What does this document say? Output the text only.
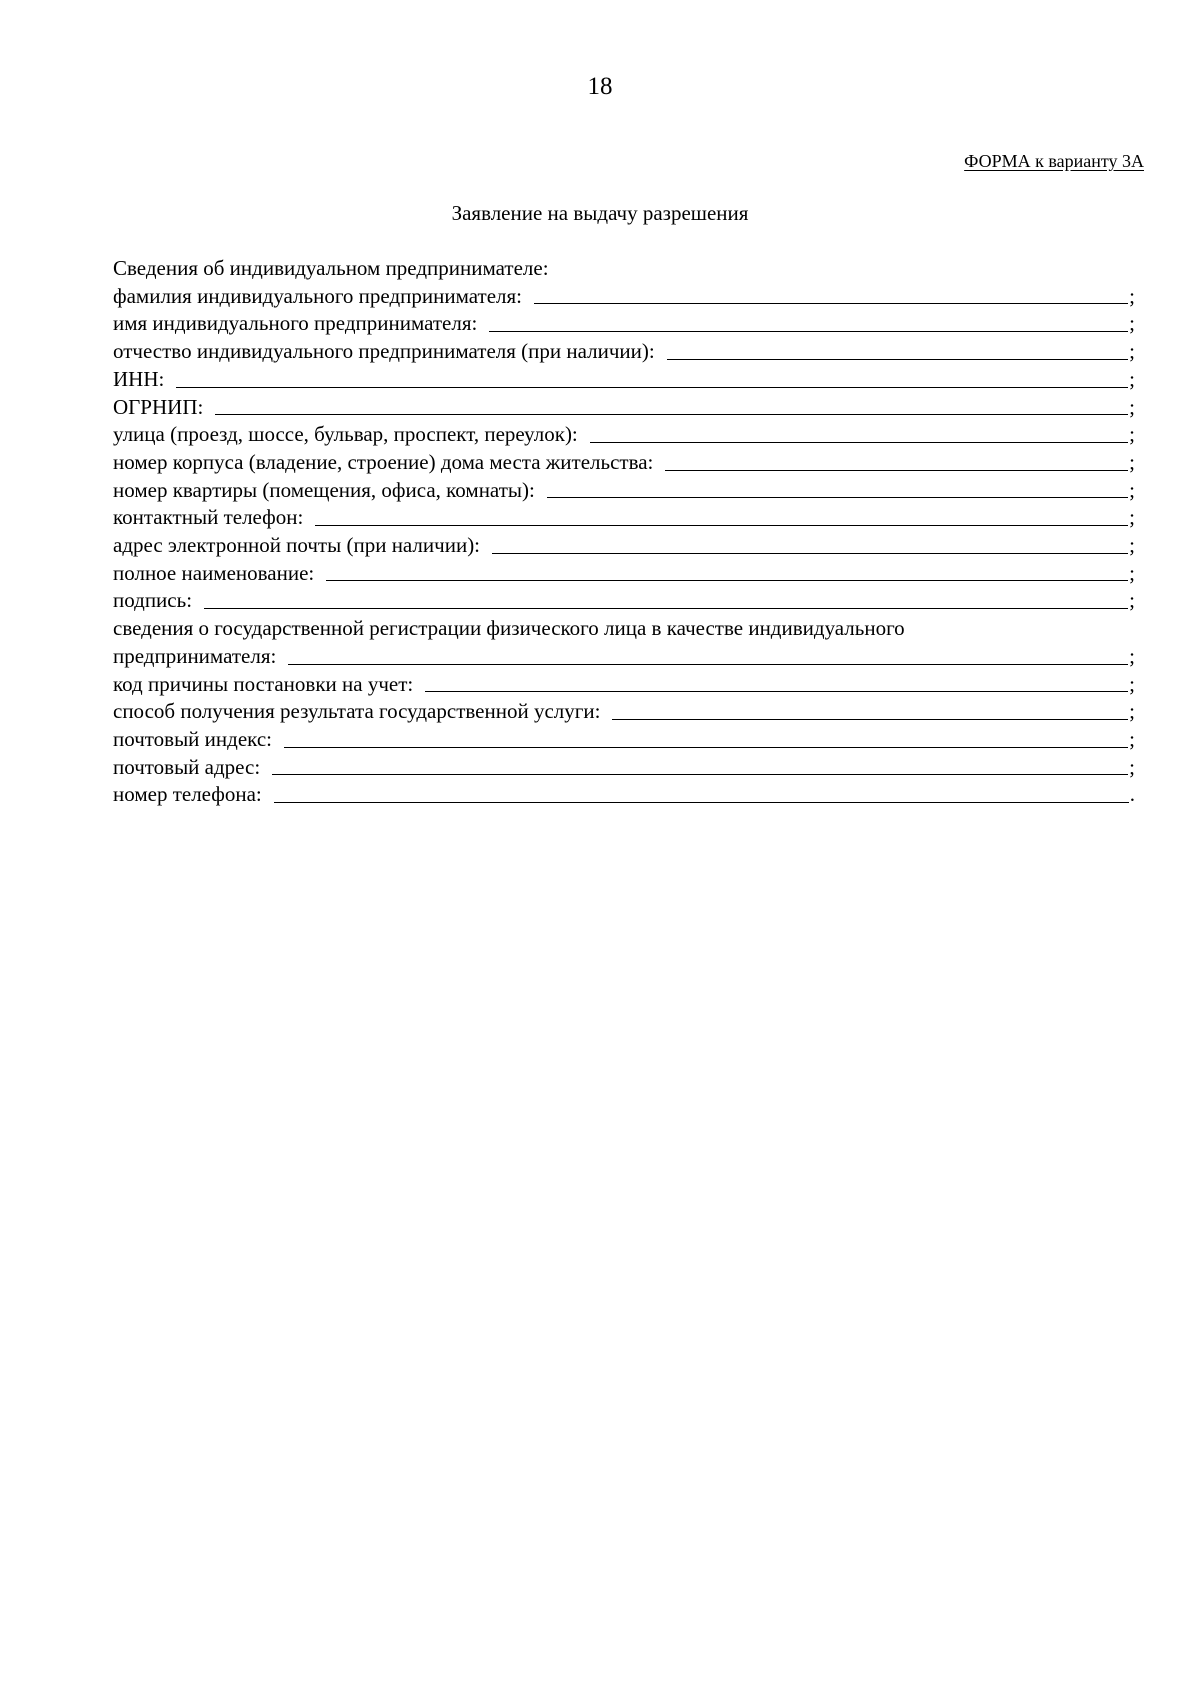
18
ФОРМА к варианту 3А
Заявление на выдачу разрешения
Сведения об индивидуальном предпринимателе:
фамилия индивидуального предпринимателя:	;
имя индивидуального предпринимателя:	;
отчество индивидуального предпринимателя (при наличии):	;
ИНН:	;
ОГРНИП:	;
улица (проезд, шоссе, бульвар, проспект, переулок):	;
номер корпуса (владение, строение) дома места жительства:	;
номер квартиры (помещения, офиса, комнаты):	;
контактный телефон:	;
адрес электронной почты (при наличии):	;
полное наименование:	;
подпись:	;
сведения о государственной регистрации физического лица в качестве индивидуального
предпринимателя:	;
код причины постановки на учет:	;
способ получения результата государственной услуги:	;
почтовый индекс:	;
почтовый адрес:	;
номер телефона:	.
